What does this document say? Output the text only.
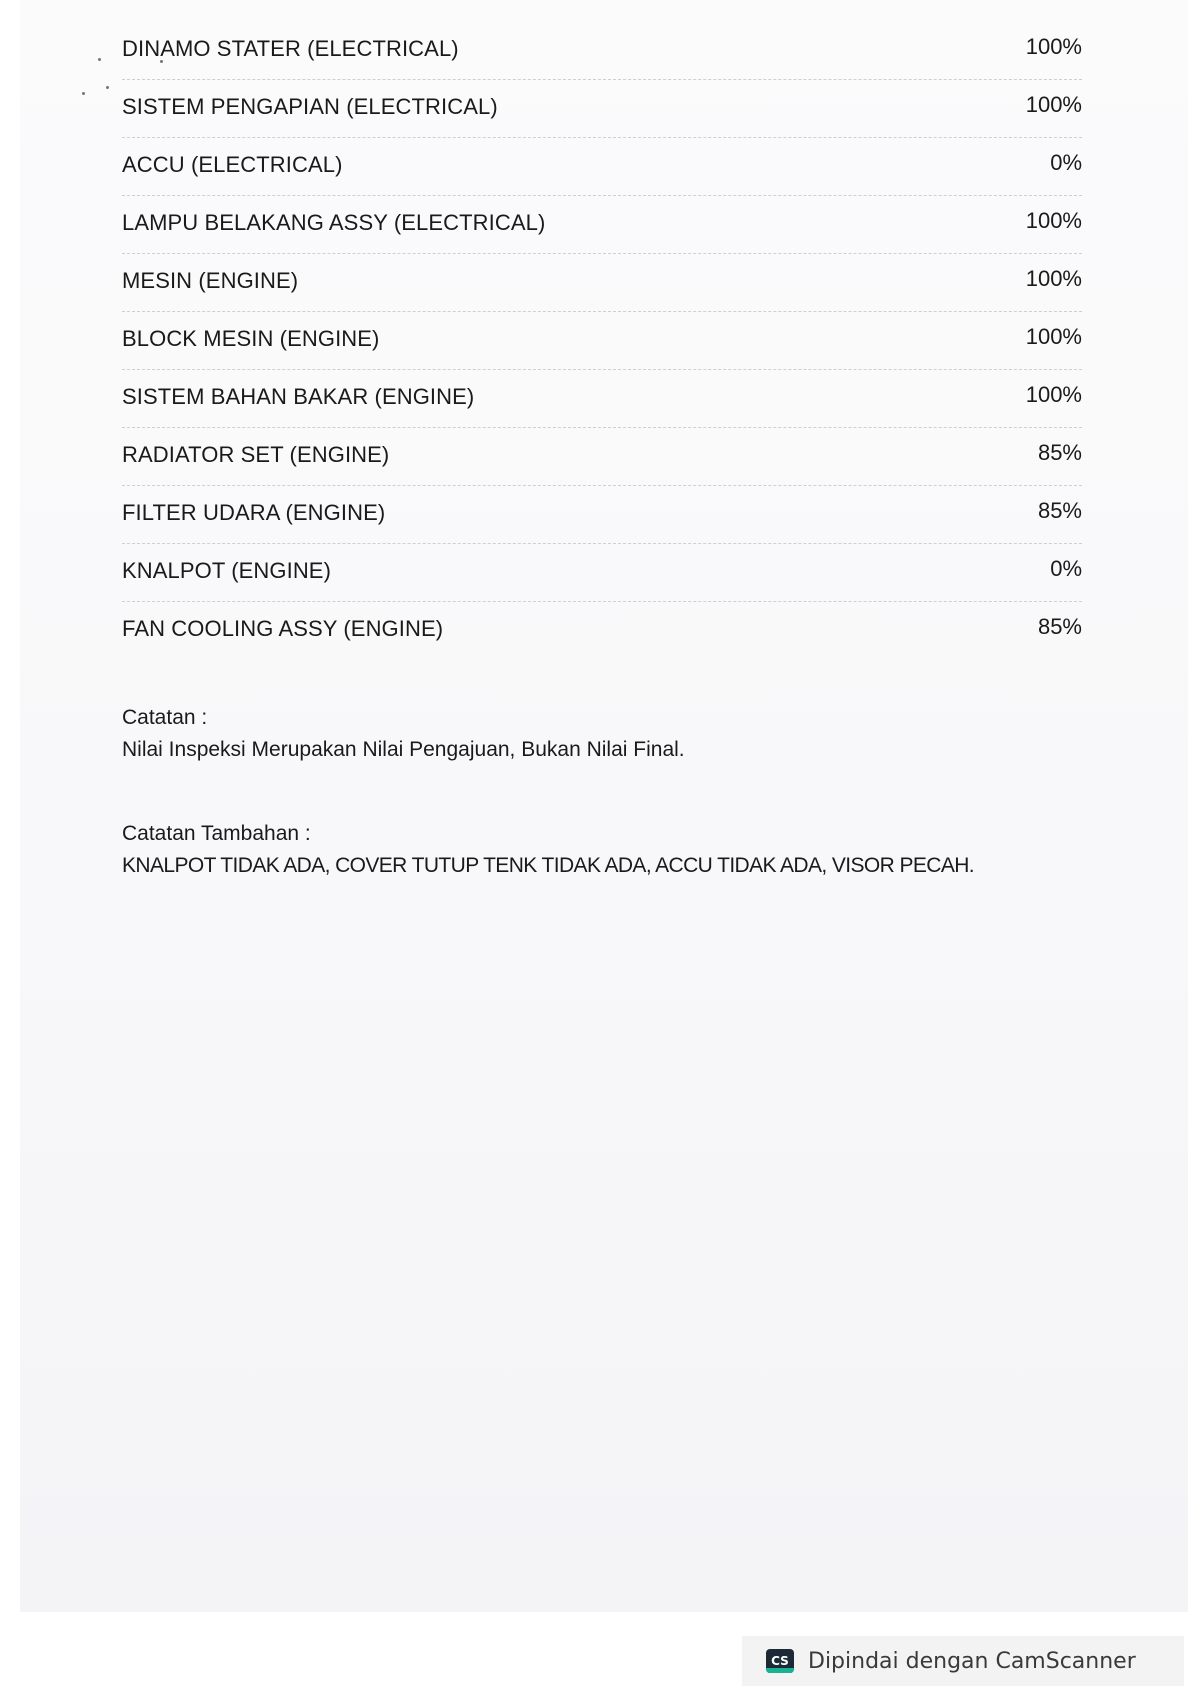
DINAMO STATER (ELECTRICAL)	100%
SISTEM PENGAPIAN (ELECTRICAL)	100%
ACCU (ELECTRICAL)	0%
LAMPU BELAKANG ASSY (ELECTRICAL)	100%
MESIN (ENGINE)	100%
BLOCK MESIN (ENGINE)	100%
SISTEM BAHAN BAKAR (ENGINE)	100%
RADIATOR SET (ENGINE)	85%
FILTER UDARA (ENGINE)	85%
KNALPOT (ENGINE)	0%
FAN COOLING ASSY (ENGINE)	85%
Catatan :
Nilai Inspeksi Merupakan Nilai Pengajuan, Bukan Nilai Final.
Catatan Tambahan :
KNALPOT TIDAK ADA, COVER TUTUP TENK TIDAK ADA, ACCU TIDAK ADA, VISOR PECAH.
CS Dipindai dengan CamScanner
